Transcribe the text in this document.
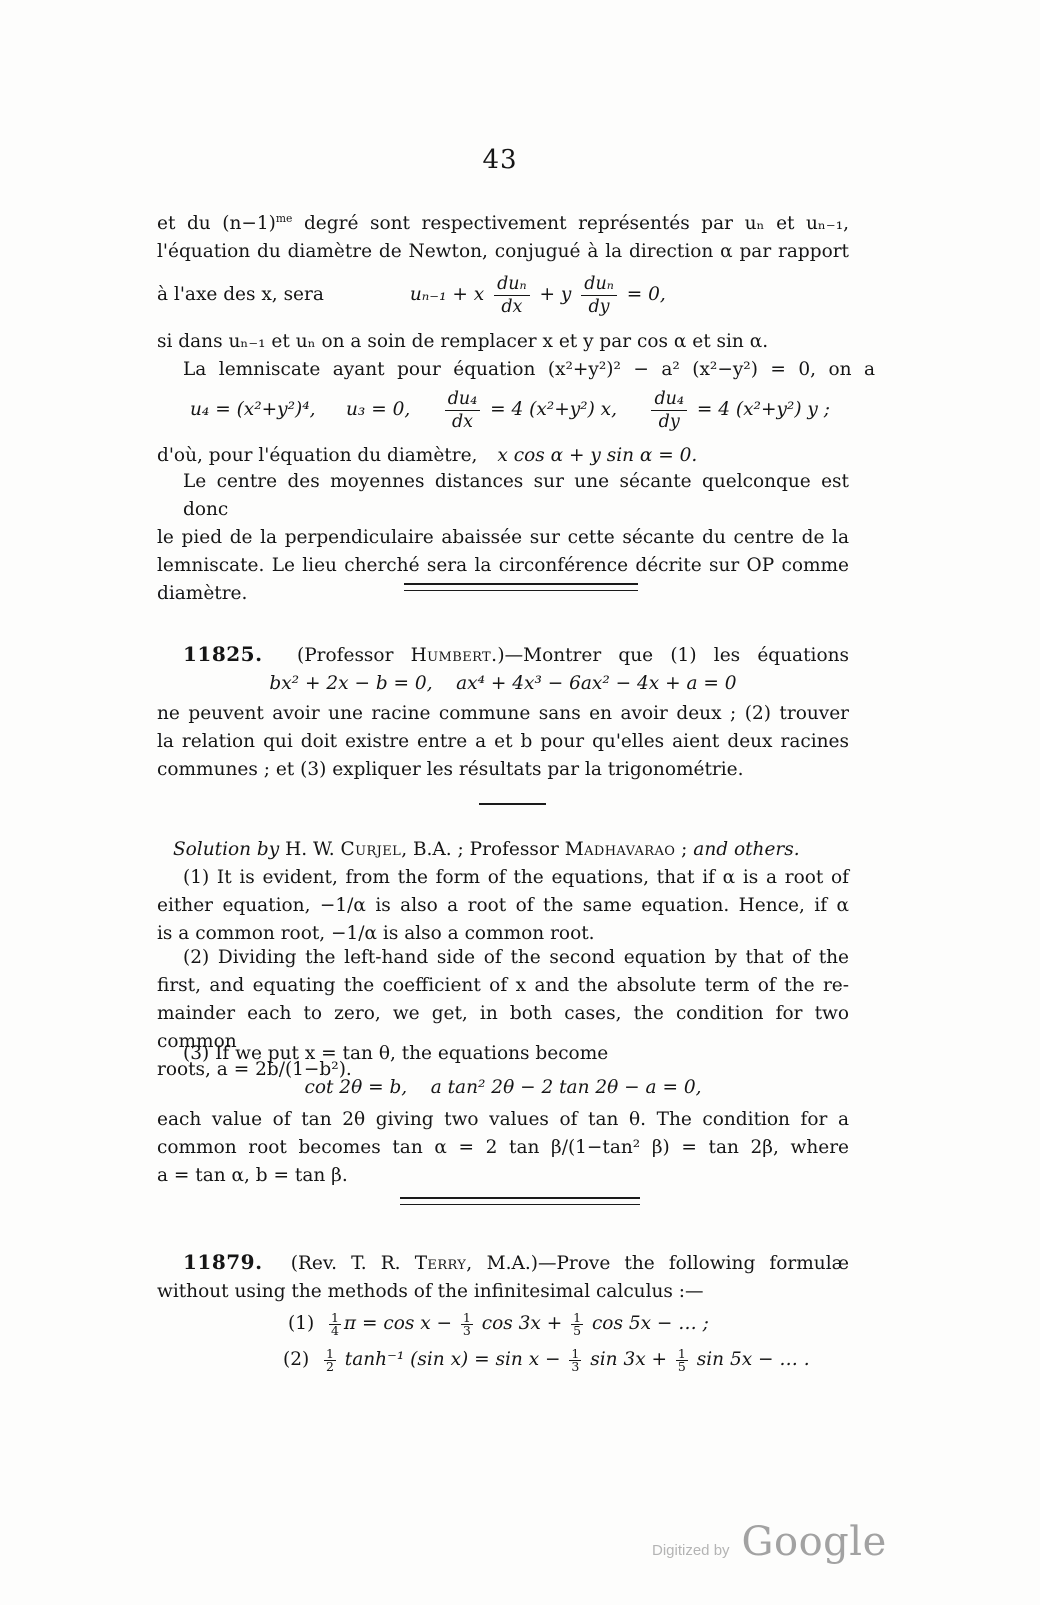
43
et du $(n-1)^{me}$ degré sont respectivement représentés par uₙ et uₙ₋₁,
l'équation du diamètre de Newton, conjugué à la direction α par rapport
à l'axe des x, sera	uₙ₋₁ + x $\frac{\text{duₙ}}{dx} + y \frac{\text{duₙ}}{dy} = 0$,
si dans uₙ₋₁ et uₙ on a soin de remplacer x et y par cos α et sin α.
La lemniscate ayant pour équation (x²+y²)² − a² (x²−y²) = 0, on a
u₄ = (x²+y²)⁴, u₃ = 0, $\frac{\text{du₄}}{dx} = 4$ (x²+y²) x, $\frac{\text{du₄}}{dy} = 4$ (x²+y²) y ;
d'où, pour l'équation du diamètre, x cos α + y sin α = 0.
Le centre des moyennes distances sur une sécante quelconque est donc
le pied de la perpendiculaire abaissée sur cette sécante du centre de la
lemniscate. Le lieu cherché sera la circonférence décrite sur OP comme
diamètre.
11825.  (Professor Humbert.)—Montrer que (1) les équations
bx² + 2x − b = 0,    ax⁴ + 4x³ − 6ax² − 4x + a = 0
ne peuvent avoir une racine commune sans en avoir deux ; (2) trouver
la relation qui doit existre entre a et b pour qu'elles aient deux racines
communes ; et (3) expliquer les résultats par la trigonométrie.
Solution by H. W. Curjel, B.A. ; Professor Madhavarao ; and others.
(1) It is evident, from the form of the equations, that if α is a root of
either equation, −1/α is also a root of the same equation. Hence, if α
is a common root, −1/α is also a common root.
(2) Dividing the left-hand side of the second equation by that of the
first, and equating the coefficient of x and the absolute term of the re-
mainder each to zero, we get, in both cases, the condition for two common
roots, a = 2b/(1−b²).
(3) If we put x = tan θ, the equations become
cot 2θ = b,    a tan² 2θ − 2 tan 2θ − a = 0,
each value of tan 2θ giving two values of tan θ. The condition for a
common root becomes tan α = 2 tan β/(1−tan² β) = tan 2β, where
a = tan α, b = tan β.
11879.  (Rev. T. R. Terry, M.A.)—Prove the following formulæ
without using the methods of the infinitesimal calculus :—
$(1) \frac{1}{4}$ $\pi = \cos x - \frac{1}{3}$ $\cos 3x + \frac{1}{5}$ cos 5x − … ;
$(2) \frac{1}{2} \tanh^{-1}$ (sin $x) = \sin x - \frac{1}{3}$ $\sin 3x + \frac{1}{5}$ sin 5x − … .
Digitized by Google
